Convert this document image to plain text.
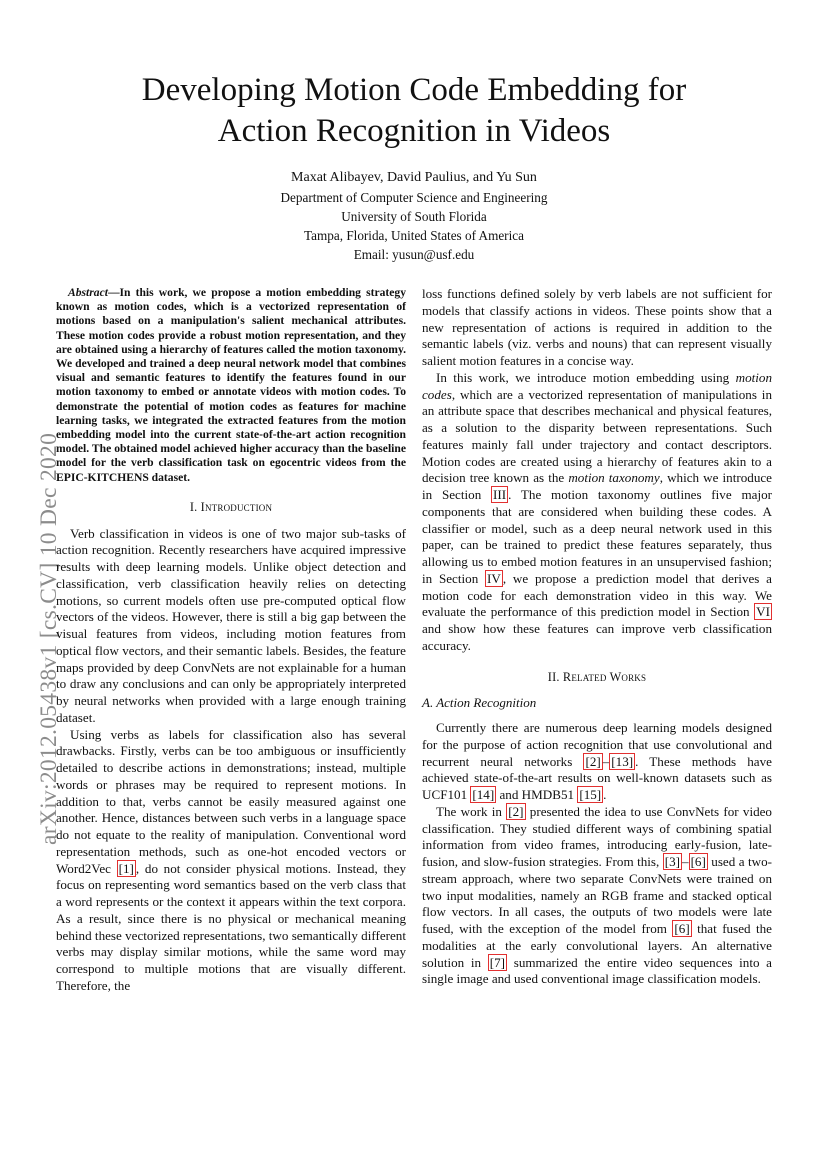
arXiv:2012.05438v1 [cs.CV] 10 Dec 2020
Developing Motion Code Embedding for Action Recognition in Videos
Maxat Alibayev, David Paulius, and Yu Sun
Department of Computer Science and Engineering
University of South Florida
Tampa, Florida, United States of America
Email: yusun@usf.edu

Abstract—In this work, we propose a motion embedding strategy known as motion codes, which is a vectorized representation of motions based on a manipulation's salient mechanical attributes. These motion codes provide a robust motion representation, and they are obtained using a hierarchy of features called the motion taxonomy. We developed and trained a deep neural network model that combines visual and semantic features to identify the features found in our motion taxonomy to embed or annotate videos with motion codes. To demonstrate the potential of motion codes as features for machine learning tasks, we integrated the extracted features from the motion embedding model into the current state-of-the-art action recognition model. The obtained model achieved higher accuracy than the baseline model for the verb classification task on egocentric videos from the EPIC-KITCHENS dataset.

I. Introduction

Verb classification in videos is one of two major sub-tasks of action recognition. Recently researchers have acquired impressive results with deep learning models. Unlike object detection and classification, verb classification heavily relies on detecting motions, so current models often use pre-computed optical flow vectors of the videos. However, there is still a big gap between the visual features from videos, including motion features from optical flow vectors, and their semantic labels. Besides, the feature maps provided by deep ConvNets are not explainable for a human to draw any conclusions and can only be appropriately interpreted by neural networks when provided with a large enough training dataset.

Using verbs as labels for classification also has several drawbacks. Firstly, verbs can be too ambiguous or insufficiently detailed to describe actions in demonstrations; instead, multiple words or phrases may be required to represent motions. In addition to that, verbs cannot be easily measured against one another. Hence, distances between such verbs in a language space do not equate to the reality of manipulation. Conventional word representation methods, such as one-hot encoded vectors or Word2Vec [1] , do not consider physical motions. Instead, they focus on representing word semantics based on the verb class that a word represents or the context it appears within the text corpora. As a result, since there is no physical or mechanical meaning behind these vectorized representations, two semantically different verbs may display similar motions, while the same word may correspond to multiple motions that are visually different. Therefore, the

loss functions defined solely by verb labels are not sufficient for models that classify actions in videos. These points show that a new representation of actions is required in addition to the semantic labels (viz. verbs and nouns) that can represent visually salient motion features in a concise way.

In this work, we introduce motion embedding using motion codes, which are a vectorized representation of manipulations in an attribute space that describes mechanical and physical features, as a solution to the disparity between representations. Such features mainly fall under trajectory and contact descriptors. Motion codes are created using a hierarchy of features akin to a decision tree known as the motion taxonomy, which we introduce in Section III . The motion taxonomy outlines five major components that are considered when building these codes. A classifier or model, such as a deep neural network used in this paper, can be trained to predict these features separately, thus allowing us to embed motion features in an unsupervised fashion; in Section IV , we propose a prediction model that derives a motion code for each demonstration video in this way. We evaluate the performance of this prediction model in Section VI and show how these features can improve verb classification accuracy.

II. Related Works
A. Action Recognition

Currently there are numerous deep learning models designed for the purpose of action recognition that use convolutional and recurrent neural networks [2] – [13] . These methods have achieved state-of-the-art results on well-known datasets such as UCF101 [14] and HMDB51 [15] .

The work in [2] presented the idea to use ConvNets for video classification. They studied different ways of combining spatial information from video frames, introducing early-fusion, late-fusion, and slow-fusion strategies. From this, [3] – [6] used a two-stream approach, where two separate ConvNets were trained on two input modalities, namely an RGB frame and stacked optical flow vectors. In all cases, the outputs of two models were late fused, with the exception of the model from [6] that fused the modalities at the early convolutional layers. An alternative solution in [7] summarized the entire video sequences into a single image and used conventional image classification models.
